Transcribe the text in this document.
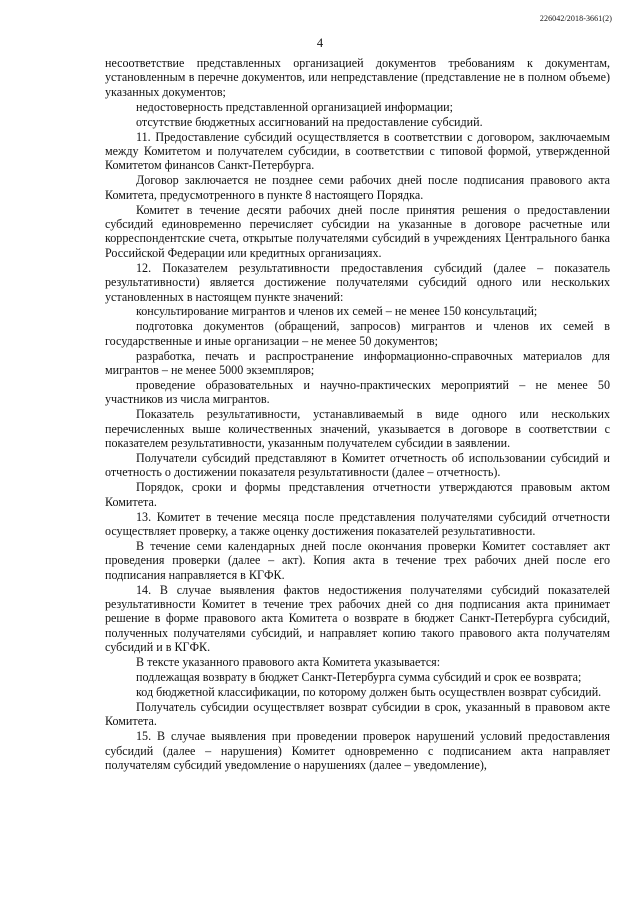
226042/2018-3661(2)
4

несоответствие представленных организацией документов требованиям к документам, установленным в перечне документов, или непредставление (представление не в полном объеме) указанных документов;

недостоверность представленной организацией информации;

отсутствие бюджетных ассигнований на предоставление субсидий.

11. Предоставление субсидий осуществляется в соответствии с договором, заключаемым между Комитетом и получателем субсидии, в соответствии с типовой формой, утвержденной Комитетом финансов Санкт-Петербурга.

Договор заключается не позднее семи рабочих дней после подписания правового акта Комитета, предусмотренного в пункте 8 настоящего Порядка.

Комитет в течение десяти рабочих дней после принятия решения о предоставлении субсидий единовременно перечисляет субсидии на указанные в договоре расчетные или корреспондентские счета, открытые получателями субсидий в учреждениях Центрального банка Российской Федерации или кредитных организациях.

12. Показателем результативности предоставления субсидий (далее – показатель результативности) является достижение получателями субсидий одного или нескольких установленных в настоящем пункте значений:

консультирование мигрантов и членов их семей – не менее 150 консультаций;

подготовка документов (обращений, запросов) мигрантов и членов их семей в государственные и иные организации – не менее 50 документов;

разработка, печать и распространение информационно-справочных материалов для мигрантов – не менее 5000 экземпляров;

проведение образовательных и научно-практических мероприятий – не менее 50 участников из числа мигрантов.

Показатель результативности, устанавливаемый в виде одного или нескольких перечисленных выше количественных значений, указывается в договоре в соответствии с показателем результативности, указанным получателем субсидии в заявлении.

Получатели субсидий представляют в Комитет отчетность об использовании субсидий и отчетность о достижении показателя результативности (далее – отчетность).

Порядок, сроки и формы представления отчетности утверждаются правовым актом Комитета.

13. Комитет в течение месяца после представления получателями субсидий отчетности осуществляет проверку, а также оценку достижения показателей результативности.

В течение семи календарных дней после окончания проверки Комитет составляет акт проведения проверки (далее – акт). Копия акта в течение трех рабочих дней после его подписания направляется в КГФК.

14. В случае выявления фактов недостижения получателями субсидий показателей результативности Комитет в течение трех рабочих дней со дня подписания акта принимает решение в форме правового акта Комитета о возврате в бюджет Санкт-Петербурга субсидий, полученных получателями субсидий, и направляет копию такого правового акта получателям субсидий и в КГФК.

В тексте указанного правового акта Комитета указывается:

подлежащая возврату в бюджет Санкт-Петербурга сумма субсидий и срок ее возврата;

код бюджетной классификации, по которому должен быть осуществлен возврат субсидий.

Получатель субсидии осуществляет возврат субсидии в срок, указанный в правовом акте Комитета.

15. В случае выявления при проведении проверок нарушений условий предоставления субсидий (далее – нарушения) Комитет одновременно с подписанием акта направляет получателям субсидий уведомление о нарушениях (далее – уведомление),
